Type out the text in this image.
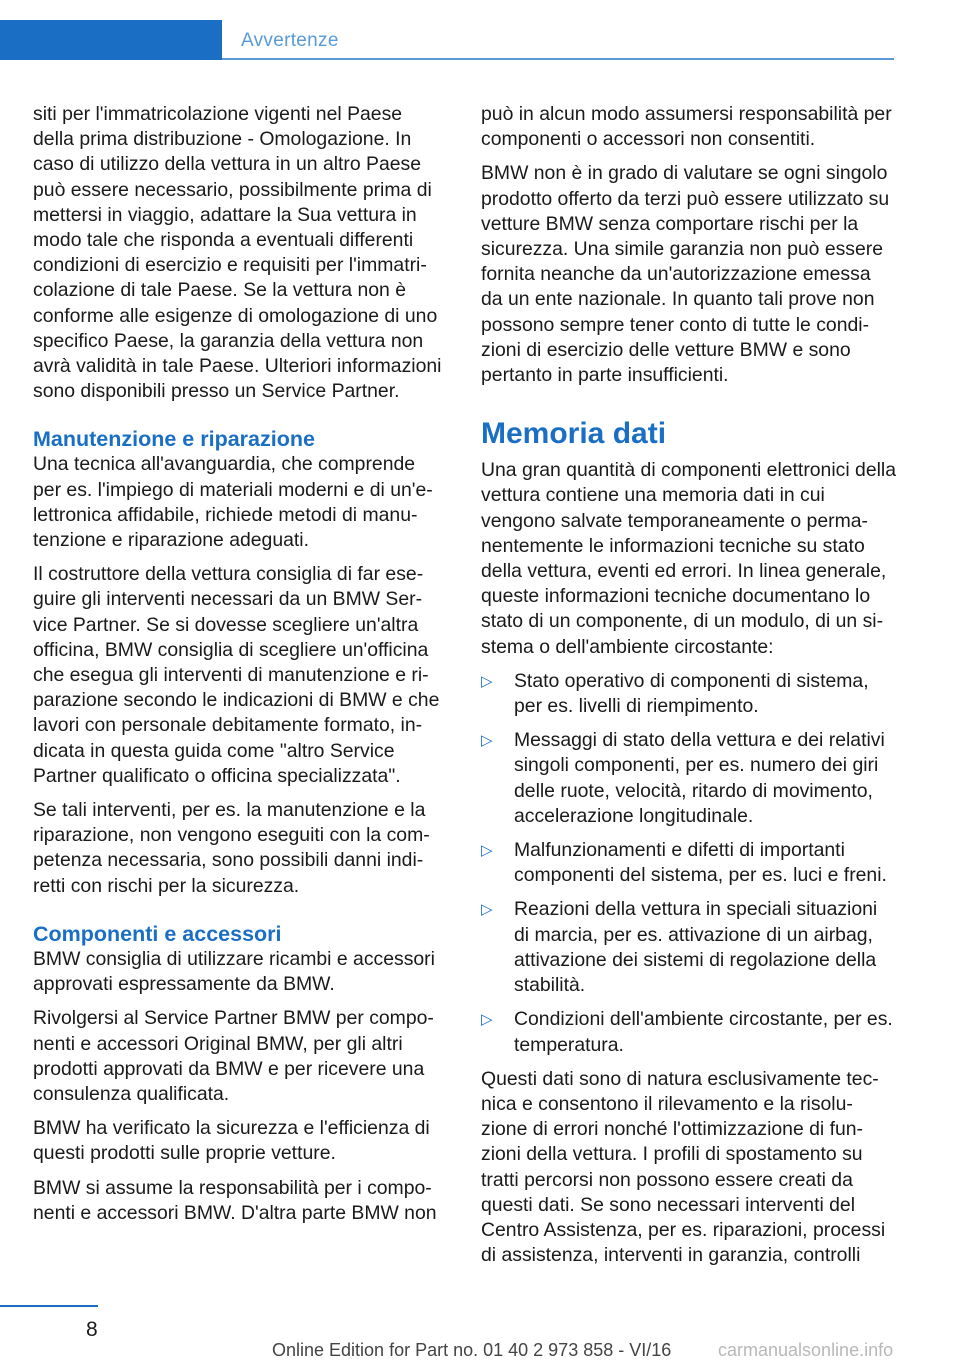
Avvertenze

siti per l'immatricolazione vigenti nel Paese della prima distribuzione - Omologazione. In caso di utilizzo della vettura in un altro Paese può essere necessario, possibilmente prima di mettersi in viaggio, adattare la Sua vettura in modo tale che risponda a eventuali differenti condizioni di esercizio e requisiti per l'immatri- colazione di tale Paese. Se la vettura non è conforme alle esigenze di omologazione di uno specifico Paese, la garanzia della vettura non avrà validità in tale Paese. Ulteriori informazioni sono disponibili presso un Service Partner.

Manutenzione e riparazione

Una tecnica all'avanguardia, che comprende per es. l'impiego di materiali moderni e di un'e- lettronica affidabile, richiede metodi di manu- tenzione e riparazione adeguati.

Il costruttore della vettura consiglia di far ese- guire gli interventi necessari da un BMW Ser- vice Partner. Se si dovesse scegliere un'altra officina, BMW consiglia di scegliere un'officina che esegua gli interventi di manutenzione e ri- parazione secondo le indicazioni di BMW e che lavori con personale debitamente formato, in- dicata in questa guida come "altro Service Partner qualificato o officina specializzata".

Se tali interventi, per es. la manutenzione e la riparazione, non vengono eseguiti con la com- petenza necessaria, sono possibili danni indi- retti con rischi per la sicurezza.

Componenti e accessori

BMW consiglia di utilizzare ricambi e accessori approvati espressamente da BMW.

Rivolgersi al Service Partner BMW per compo- nenti e accessori Original BMW, per gli altri prodotti approvati da BMW e per ricevere una consulenza qualificata.

BMW ha verificato la sicurezza e l'efficienza di questi prodotti sulle proprie vetture.

BMW si assume la responsabilità per i compo- nenti e accessori BMW. D'altra parte BMW non

può in alcun modo assumersi responsabilità per componenti o accessori non consentiti.

BMW non è in grado di valutare se ogni singolo prodotto offerto da terzi può essere utilizzato su vetture BMW senza comportare rischi per la sicurezza. Una simile garanzia non può essere fornita neanche da un'autorizzazione emessa da un ente nazionale. In quanto tali prove non possono sempre tener conto di tutte le condi- zioni di esercizio delle vetture BMW e sono pertanto in parte insufficienti.

Memoria dati

Una gran quantità di componenti elettronici della vettura contiene una memoria dati in cui vengono salvate temporaneamente o perma- nentemente le informazioni tecniche su stato della vettura, eventi ed errori. In linea generale, queste informazioni tecniche documentano lo stato di un componente, di un modulo, di un si- stema o dell'ambiente circostante:

▷ Stato operativo di componenti di sistema, per es. livelli di riempimento.
▷ Messaggi di stato della vettura e dei relativi singoli componenti, per es. numero dei giri delle ruote, velocità, ritardo di movimento, accelerazione longitudinale.
▷ Malfunzionamenti e difetti di importanti componenti del sistema, per es. luci e freni.
▷ Reazioni della vettura in speciali situazioni di marcia, per es. attivazione di un airbag, attivazione dei sistemi di regolazione della stabilità.
▷ Condizioni dell'ambiente circostante, per es. temperatura.

Questi dati sono di natura esclusivamente tec- nica e consentono il rilevamento e la risolu- zione di errori nonché l'ottimizzazione di fun- zioni della vettura. I profili di spostamento su tratti percorsi non possono essere creati da questi dati. Se sono necessari interventi del Centro Assistenza, per es. riparazioni, processi di assistenza, interventi in garanzia, controlli

8
Online Edition for Part no. 01 40 2 973 858 - VI/16	carmanualsonline.info
